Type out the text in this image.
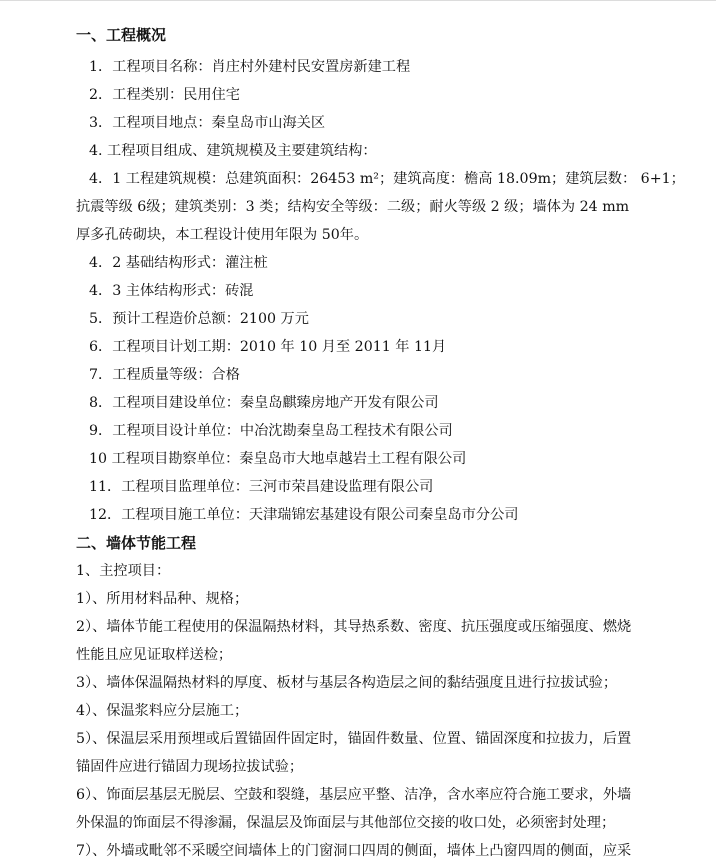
一、工程概况
1．工程项目名称：肖庄村外建村民安置房新建工程
2．工程类别：民用住宅
3．工程项目地点：秦皇岛市山海关区
4. 工程项目组成、建筑规模及主要建筑结构：
4．1 工程建筑规模：总建筑面积：26453 m²；建筑高度：檐高 18.09m；建筑层数： 6+1；
抗震等级 6级；建筑类别：3 类；结构安全等级：二级；耐火等级 2 级；墙体为 24 mm
厚多孔砖砌块，本工程设计使用年限为 50年。
4．2 基础结构形式：灌注桩
4．3 主体结构形式：砖混
5．预计工程造价总额：2100 万元
6．工程项目计划工期：2010 年 10 月至 2011 年 11月
7．工程质量等级：合格
8．工程项目建设单位：秦皇岛麒臻房地产开发有限公司
9．工程项目设计单位：中冶沈勘秦皇岛工程技术有限公司
10 工程项目勘察单位：秦皇岛市大地卓越岩土工程有限公司
11．工程项目监理单位：三河市荣昌建设监理有限公司
12．工程项目施工单位：天津瑞锦宏基建设有限公司秦皇岛市分公司
二、墙体节能工程
1、主控项目：
1）、所用材料品种、规格；
2）、墙体节能工程使用的保温隔热材料，其导热系数、密度、抗压强度或压缩强度、燃烧
性能且应见证取样送检；
3）、墙体保温隔热材料的厚度、板材与基层各构造层之间的黏结强度且进行拉拔试验；
4）、保温浆料应分层施工；
5）、保温层采用预埋或后置锚固件固定时，锚固件数量、位置、锚固深度和拉拔力，后置
锚固件应进行锚固力现场拉拔试验；
6）、饰面层基层无脱层、空鼓和裂缝，基层应平整、洁净，含水率应符合施工要求，外墙
外保温的饰面层不得渗漏，保温层及饰面层与其他部位交接的收口处，必须密封处理；
7）、外墙或毗邻不采暖空间墙体上的门窗洞口四周的侧面，墙体上凸窗四周的侧面，应采
